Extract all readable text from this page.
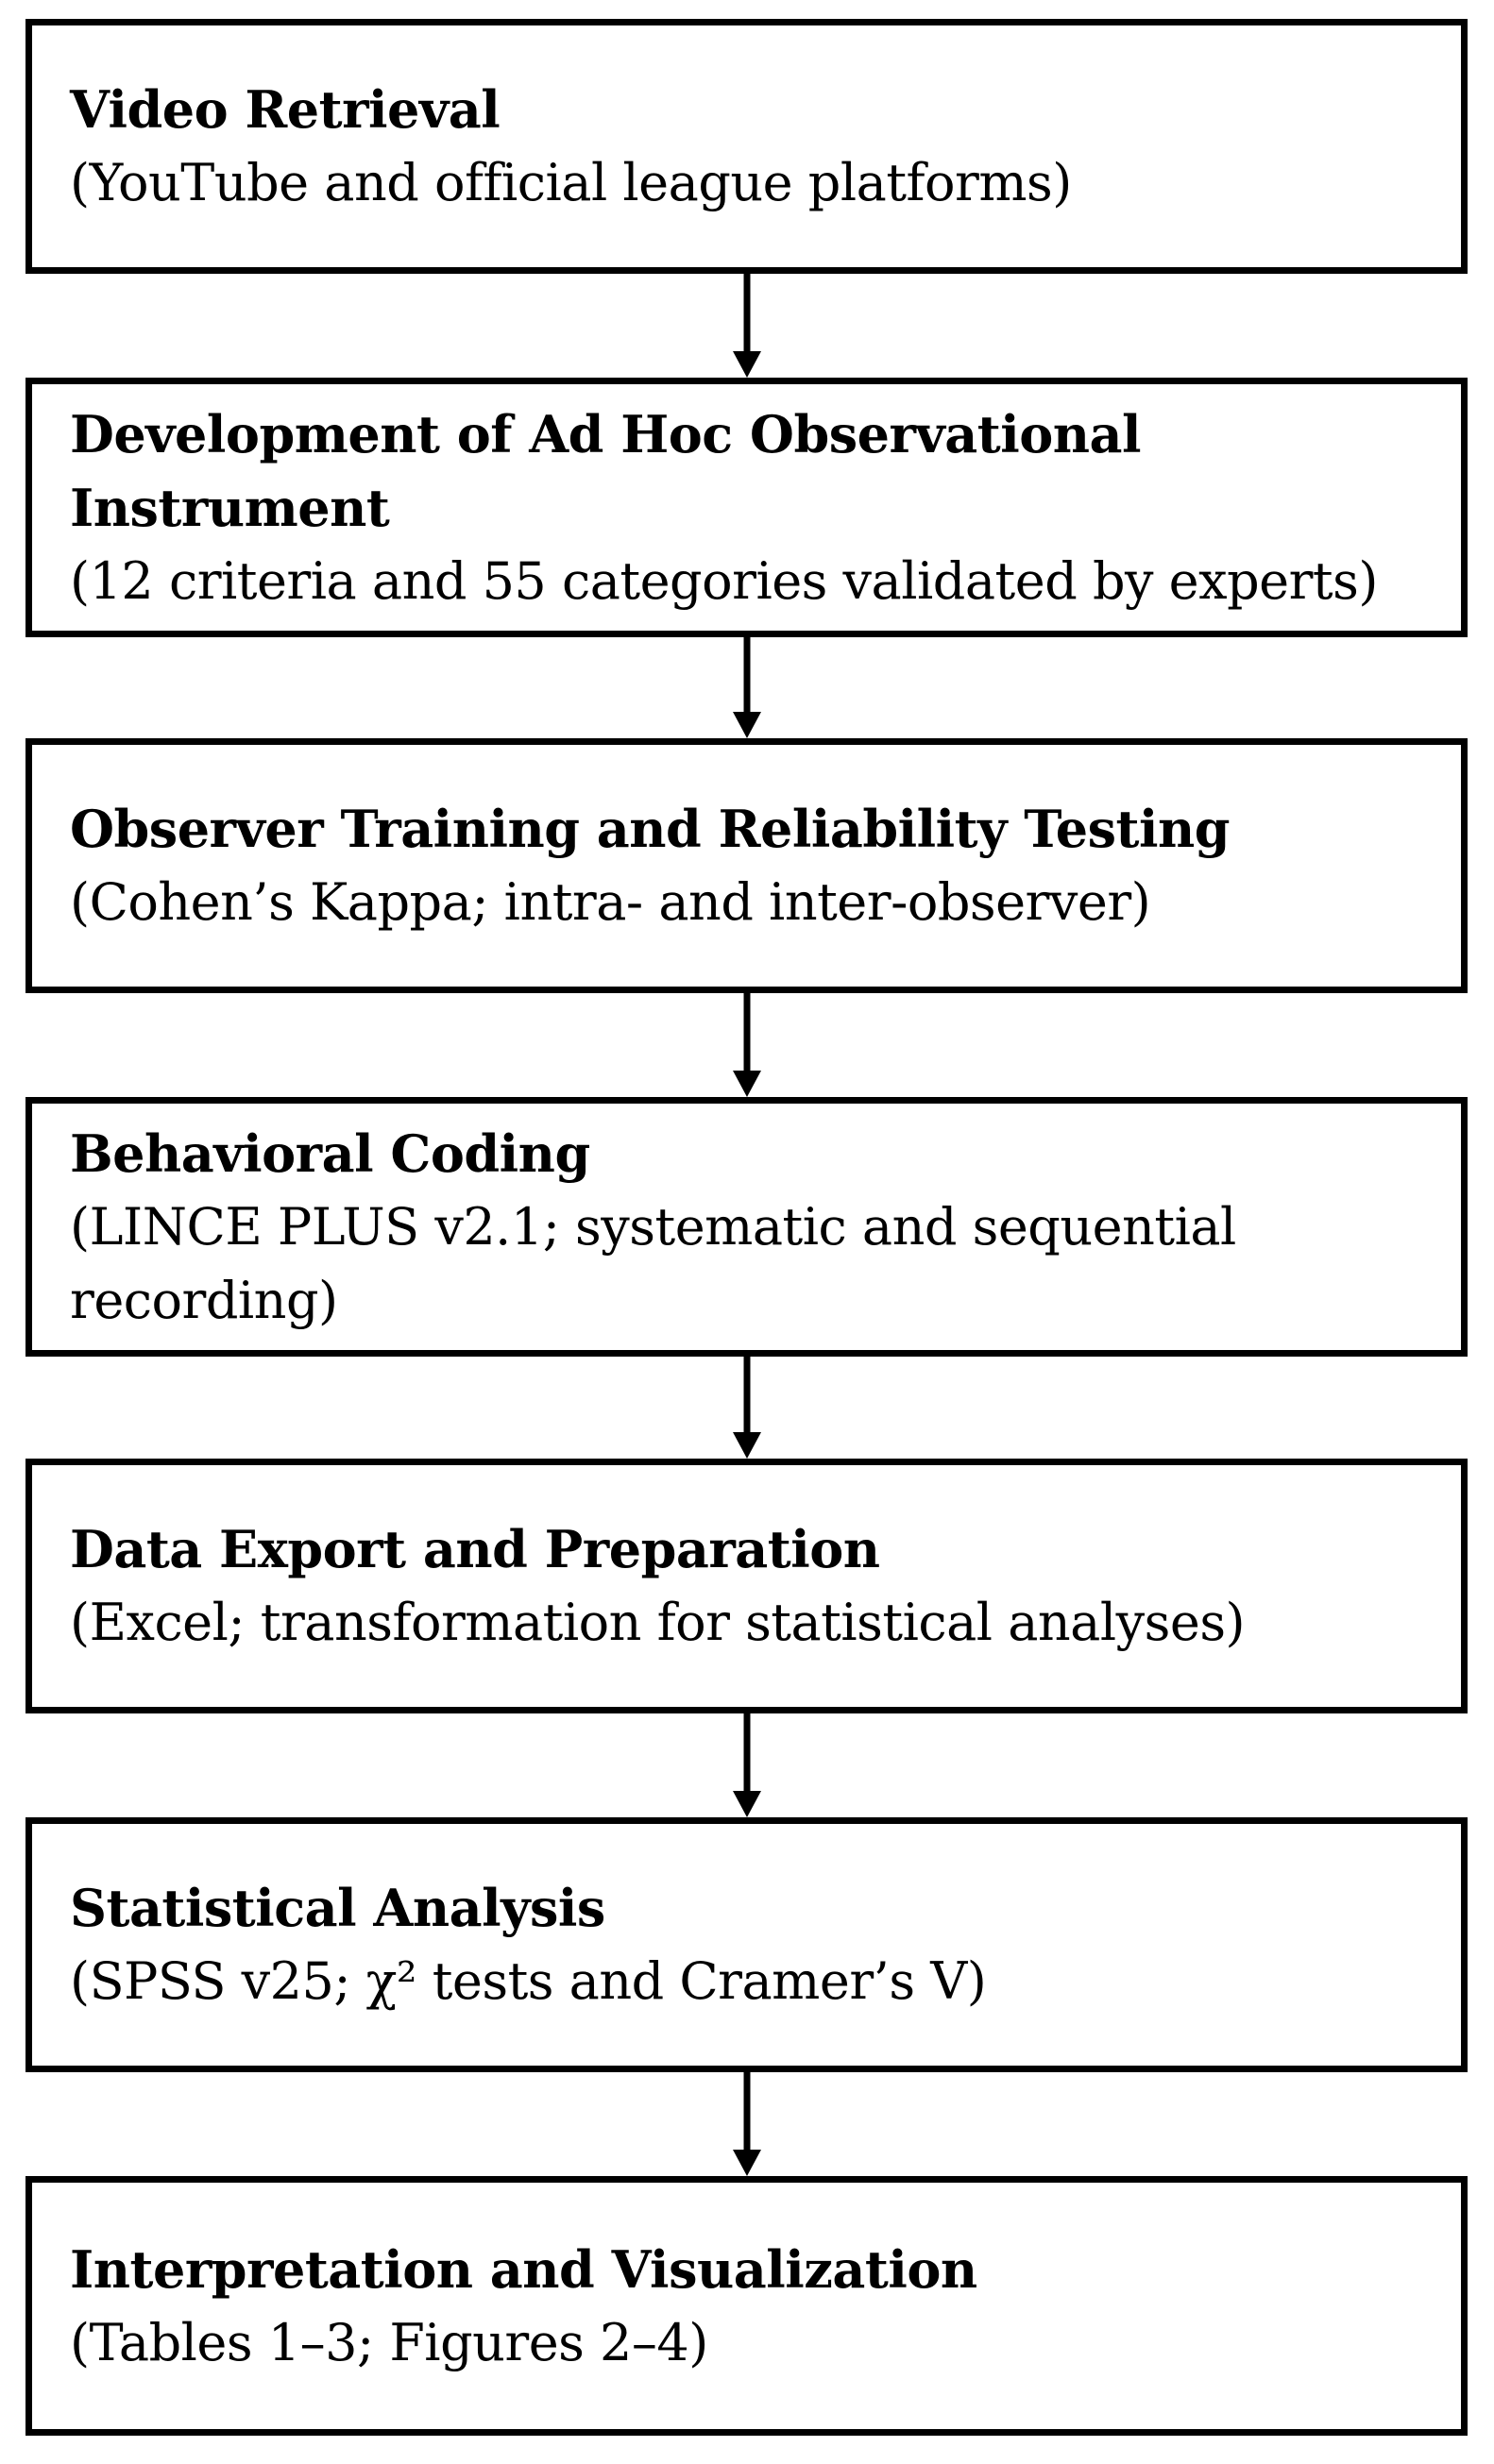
Video Retrieval
(YouTube and official league platforms)
Development of Ad Hoc Observational Instrument
(12 criteria and 55 categories validated by experts)
Observer Training and Reliability Testing
(Cohen’s Kappa; intra- and inter-observer)
Behavioral Coding
(LINCE PLUS v2.1; systematic and sequential recording)
Data Export and Preparation
(Excel; transformation for statistical analyses)
Statistical Analysis
(SPSS v25; χ² tests and Cramer’s V)
Interpretation and Visualization
(Tables 1–3; Figures 2–4)
